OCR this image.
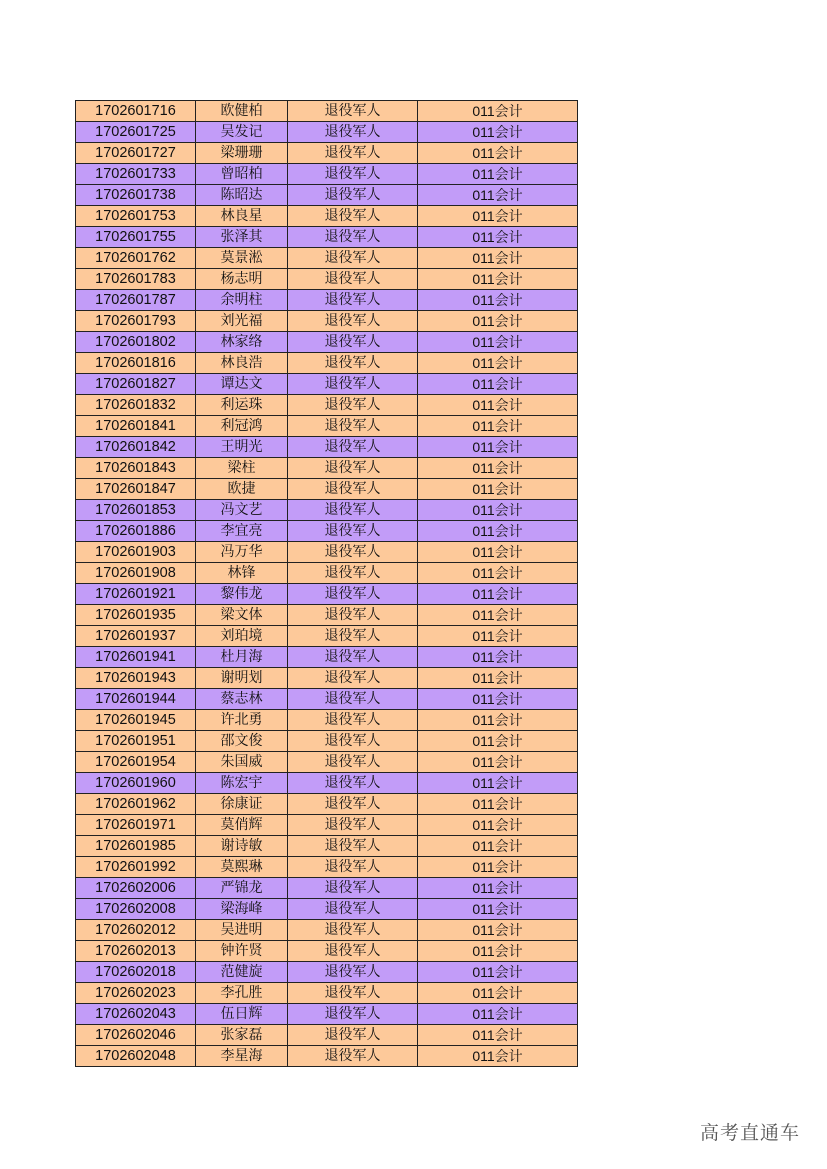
1702601716	欧健柏	退役军人	011会计
1702601725	吴发记	退役军人	011会计
1702601727	梁珊珊	退役军人	011会计
1702601733	曾昭柏	退役军人	011会计
1702601738	陈昭达	退役军人	011会计
1702601753	林良星	退役军人	011会计
1702601755	张泽其	退役军人	011会计
1702601762	莫景淞	退役军人	011会计
1702601783	杨志明	退役军人	011会计
1702601787	余明柱	退役军人	011会计
1702601793	刘光福	退役军人	011会计
1702601802	林家络	退役军人	011会计
1702601816	林良浩	退役军人	011会计
1702601827	谭达文	退役军人	011会计
1702601832	利运珠	退役军人	011会计
1702601841	利冠鸿	退役军人	011会计
1702601842	王明光	退役军人	011会计
1702601843	梁柱	退役军人	011会计
1702601847	欧捷	退役军人	011会计
1702601853	冯文艺	退役军人	011会计
1702601886	李宜亮	退役军人	011会计
1702601903	冯万华	退役军人	011会计
1702601908	林锋	退役军人	011会计
1702601921	黎伟龙	退役军人	011会计
1702601935	梁文体	退役军人	011会计
1702601937	刘珀境	退役军人	011会计
1702601941	杜月海	退役军人	011会计
1702601943	谢明划	退役军人	011会计
1702601944	蔡志林	退役军人	011会计
1702601945	许北勇	退役军人	011会计
1702601951	邵文俊	退役军人	011会计
1702601954	朱国威	退役军人	011会计
1702601960	陈宏宇	退役军人	011会计
1702601962	徐康证	退役军人	011会计
1702601971	莫俏辉	退役军人	011会计
1702601985	谢诗敏	退役军人	011会计
1702601992	莫熙琳	退役军人	011会计
1702602006	严锦龙	退役军人	011会计
1702602008	梁海峰	退役军人	011会计
1702602012	吴进明	退役军人	011会计
1702602013	钟许贤	退役军人	011会计
1702602018	范健旋	退役军人	011会计
1702602023	李孔胜	退役军人	011会计
1702602043	伍日辉	退役军人	011会计
1702602046	张家磊	退役军人	011会计
1702602048	李星海	退役军人	011会计
高考直通车
